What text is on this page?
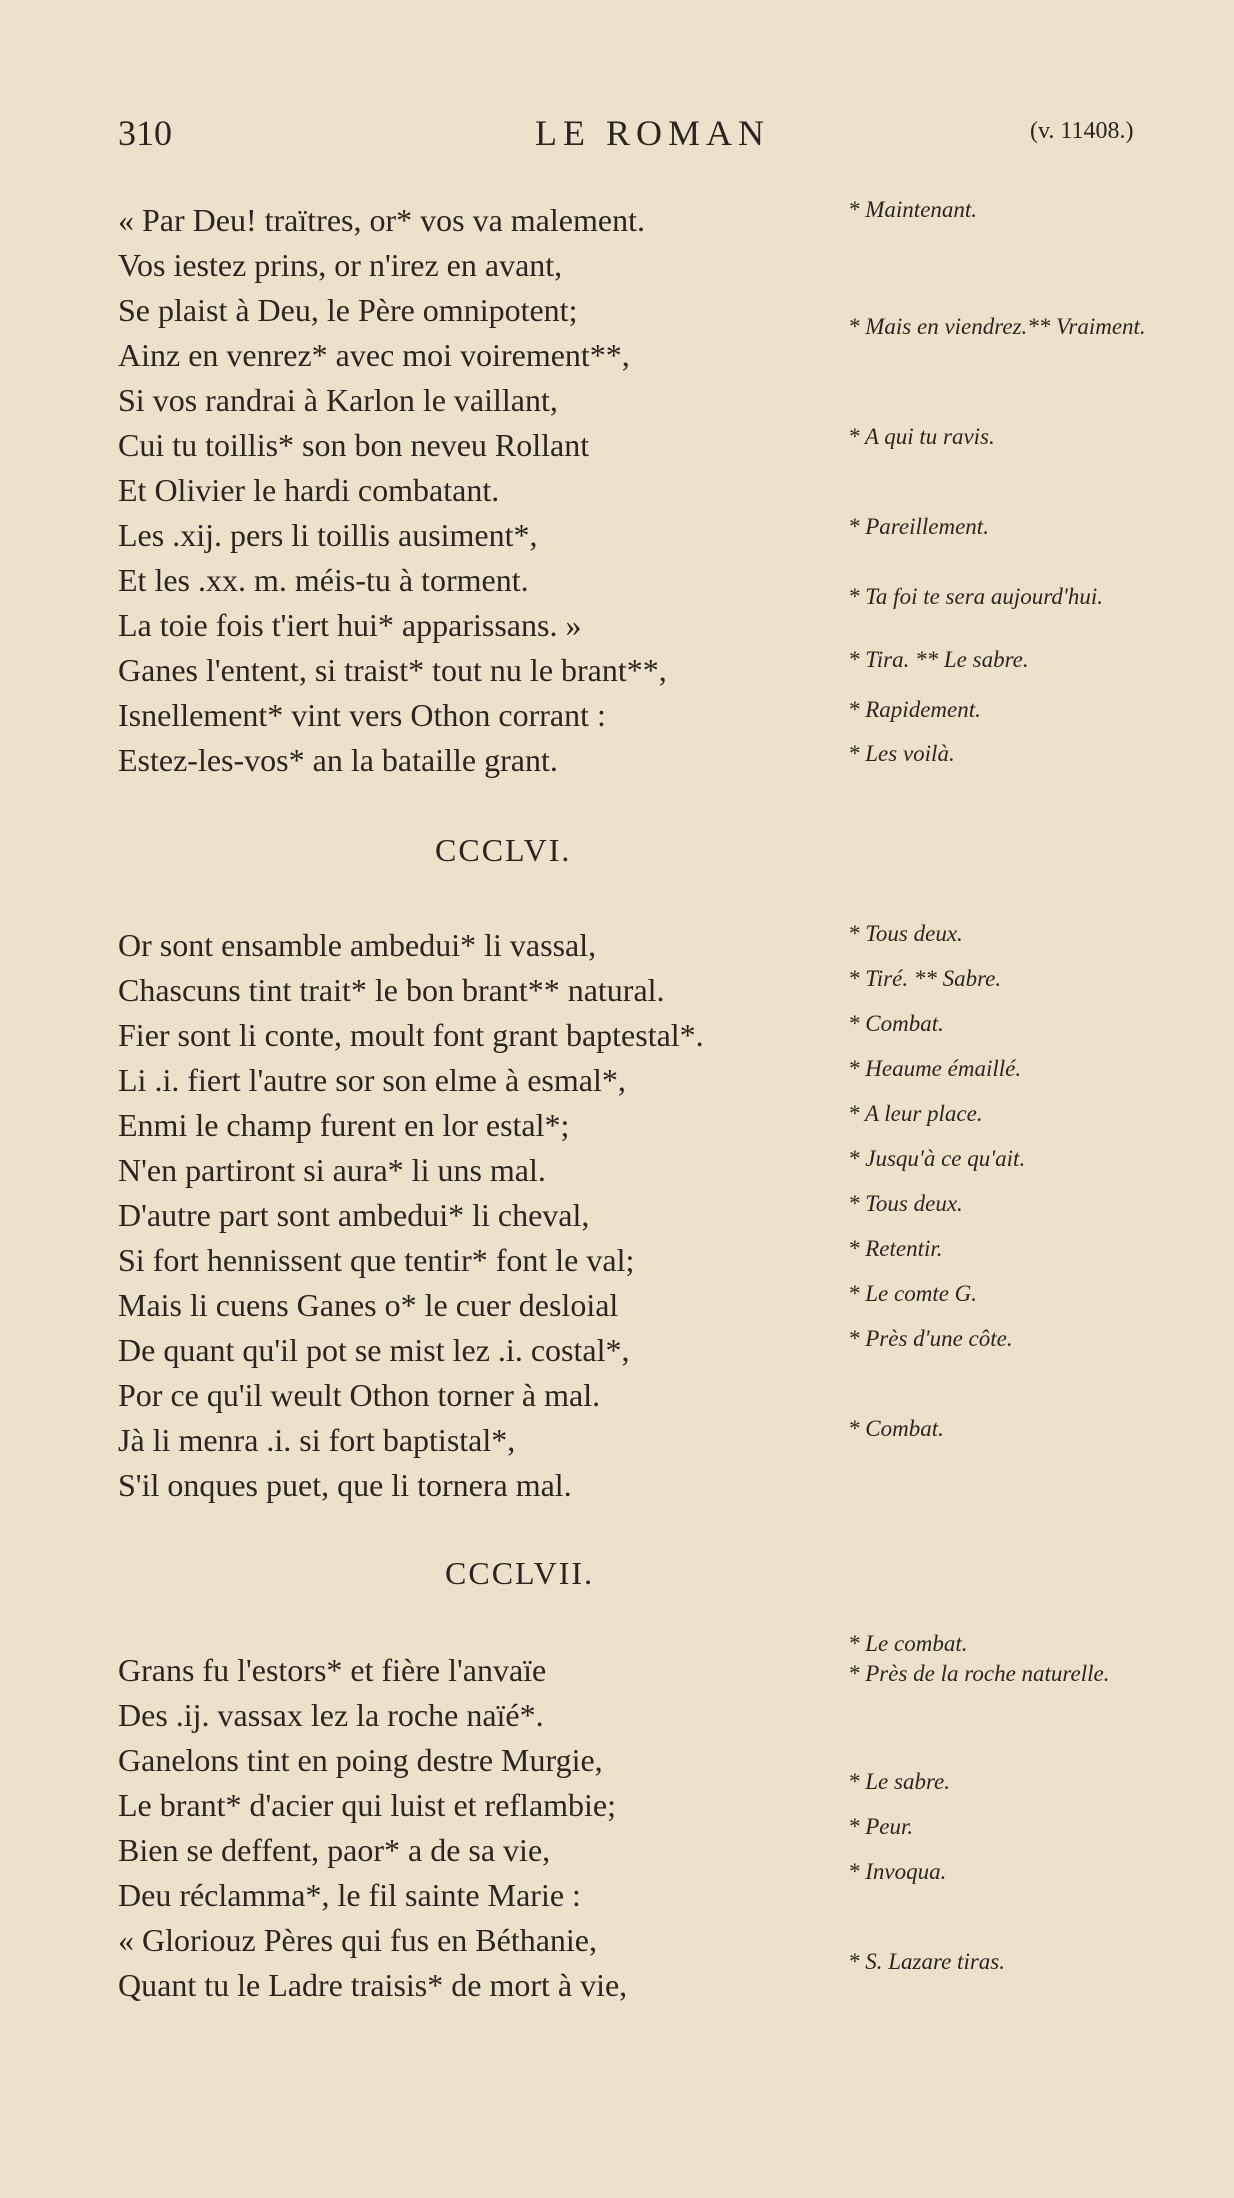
310	LE ROMAN	(v. 11408.)
« Par Deu! traïtres, or* vos va malement.
Vos iestez prins, or n'irez en avant,
Se plaist à Deu, le Père omnipotent;
Ainz en venrez* avec moi voirement**,
Si vos randrai à Karlon le vaillant,
Cui tu toillis* son bon neveu Rollant
Et Olivier le hardi combatant.
Les .xij. pers li toillis ausiment*,
Et les .xx. m. méis-tu à torment.
La toie fois t'iert hui* apparissans. »
Ganes l'entent, si traist* tout nu le brant**,
Isnellement* vint vers Othon corrant :
Estez-les-vos* an la bataille grant.
CCCLVI.
Or sont ensamble ambedui* li vassal,
Chascuns tint trait* le bon brant** natural.
Fier sont li conte, moult font grant baptestal*.
Li .i. fiert l'autre sor son elme à esmal*,
Enmi le champ furent en lor estal*;
N'en partiront si aura* li uns mal.
D'autre part sont ambedui* li cheval,
Si fort hennissent que tentir* font le val;
Mais li cuens Ganes o* le cuer desloial
De quant qu'il pot se mist lez .i. costal*,
Por ce qu'il weult Othon torner à mal.
Jà li menra .i. si fort baptistal*,
S'il onques puet, que li tornera mal.
CCCLVII.
Grans fu l'estors* et fière l'anvaïe
Des .ij. vassax lez la roche naïé*.
Ganelons tint en poing destre Murgie,
Le brant* d'acier qui luist et reflambie;
Bien se deffent, paor* a de sa vie,
Deu réclamma*, le fil sainte Marie :
« Gloriouz Pères qui fus en Béthanie,
Quant tu le Ladre traisis* de mort à vie,
* Maintenant.
* Mais en viendrez.** Vraiment.
* A qui tu ravis.
* Pareillement.
* Ta foi te sera aujourd'hui.
* Tira. ** Le sabre.
* Rapidement.
* Les voilà.
* Tous deux.
* Tiré. ** Sabre.
* Combat.
* Heaume émaillé.
* A leur place.
* Jusqu'à ce qu'ait.
* Tous deux.
* Retentir.
* Le comte G.
* Près d'une côte.
* Combat.
* Le combat.
* Près de la roche naturelle.
* Le sabre.
* Peur.
* Invoqua.
* S. Lazare tiras.
